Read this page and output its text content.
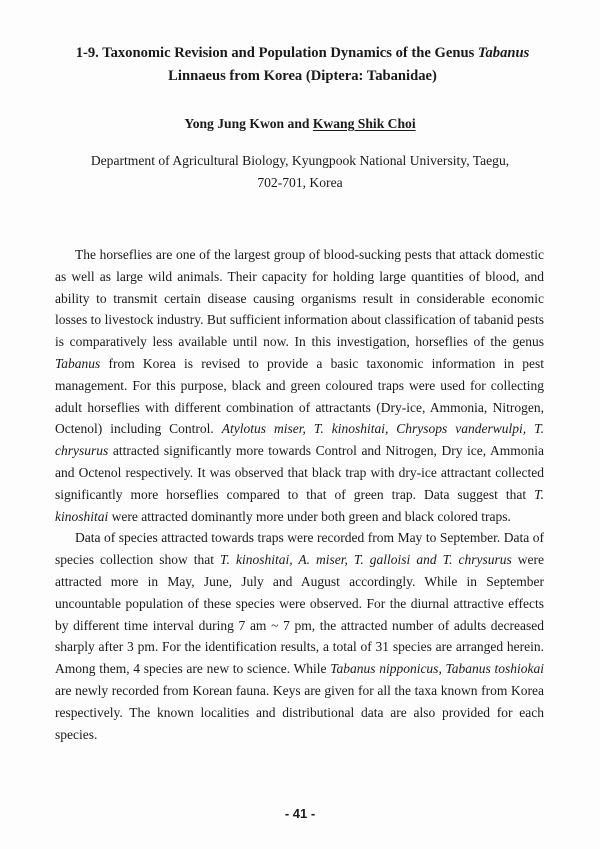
1-9. Taxonomic Revision and Population Dynamics of the Genus Tabanus
Linnaeus from Korea (Diptera: Tabanidae)
Yong Jung Kwon and Kwang Shik Choi
Department of Agricultural Biology, Kyungpook National University, Taegu,
702-701, Korea

The horseflies are one of the largest group of blood-sucking pests that attack domestic as well as large wild animals. Their capacity for holding large quantities of blood, and ability to transmit certain disease causing organisms result in considerable economic losses to livestock industry. But sufficient information about classification of tabanid pests is comparatively less available until now. In this investigation, horseflies of the genus Tabanus from Korea is revised to provide a basic taxonomic information in pest management. For this purpose, black and green coloured traps were used for collecting adult horseflies with different combination of attractants (Dry-ice, Ammonia, Nitrogen, Octenol) including Control. Atylotus miser, T. kinoshitai, Chrysops vanderwulpi, T. chrysurus attracted significantly more towards Control and Nitrogen, Dry ice, Ammonia and Octenol respectively. It was observed that black trap with dry-ice attractant collected significantly more horseflies compared to that of green trap. Data suggest that T. kinoshitai were attracted dominantly more under both green and black colored traps.

Data of species attracted towards traps were recorded from May to September. Data of species collection show that T. kinoshitai, A. miser, T. galloisi and T. chrysurus were attracted more in May, June, July and August accordingly. While in September uncountable population of these species were observed. For the diurnal attractive effects by different time interval during 7 am ~ 7 pm, the attracted number of adults decreased sharply after 3 pm. For the identification results, a total of 31 species are arranged herein. Among them, 4 species are new to science. While Tabanus nipponicus, Tabanus toshiokai are newly recorded from Korean fauna. Keys are given for all the taxa known from Korea respectively. The known localities and distributional data are also provided for each species.

- 41 -
